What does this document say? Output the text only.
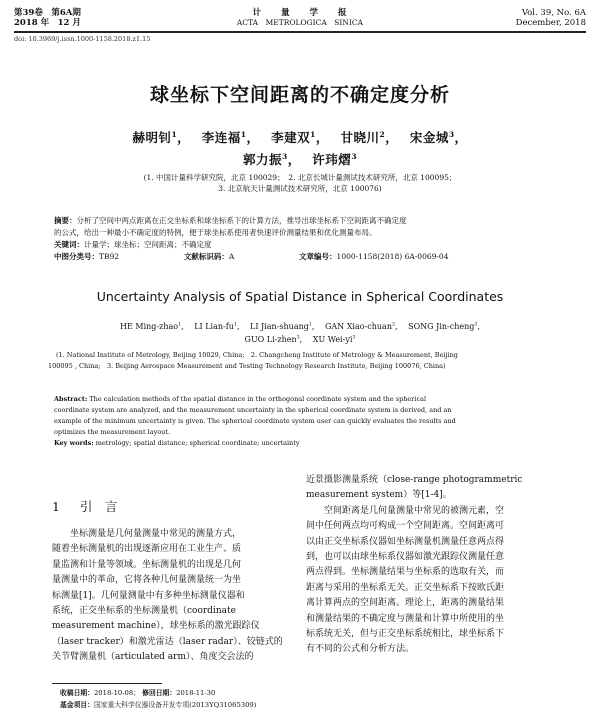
第39卷　第6A期
2018 年　12 月
计　　量　　学　　报
ACTA　METROLOGICA　SINICA
Vol. 39, No. 6A
December, 2018
doi: 10.3969/j.issn.1000-1158.2018.z1.15
球坐标下空间距离的不确定度分析
赫明钊$^1$，　 李连福$^1$，　 李建双$^1$，　 甘晓川$^2$，　 宋金城$^3$，
郭力振$^3$，　 许玮熠$^3$
(1. 中国计量科学研究院，北京 100029；　2. 北京长城计量测试技术研究所，北京 100095；
3. 北京航天计量测试技术研究所，北京 100076)
摘要：分析了空间中两点距离在正交坐标系和球坐标系下的计算方法，推导出球坐标系下空间距离不确定度
的公式，给出一种最小不确定度的特例，便于球坐标系使用者快速评价测量结果和优化测量布局。
关键词：计量学；球坐标；空间距离；不确定度
中图分类号：TB92	文献标识码：A	文章编号：1000-1158(2018) 6A-0069-04
Uncertainty Analysis of Spatial Distance in Spherical Coordinates
HE Ming-zhao$^1$,　 LI Lian-$fu^1$,　 LI Jian-shuang$^1$,　 GAN Xiao-chuan$^2$,　 SONG Jin-cheng$^3$,
GUO Li-zhen$^3$,　 XU Wei-$yi^3$
(1. National Institute of Metrology, Beijing 10029, China;　2. Changcheng Institute of Metrology & Measurement, Beijing
100095 , China;　3. Beijing Aerospace Measurement and Testing Technology Research Institute, Beijing 100076, China)
Abstract: The calculation methods of the spatial distance in the orthogonal coordinate system and the spherical
coordinate system are analyzed, and the measurement uncertainty in the spherical coordinate system is derived, and an
example of the minimum uncertainty is given. The spherical coordinate system user can quickly evaluates the results and
optimizes the measurement layout.
Key words: metrology; spatial distance; spherical coordinate; uncertainty
1 引　言
　　坐标测量是几何量测量中常见的测量方式，
随着坐标测量机的出现逐渐应用在工业生产、质
量监测和计量等领域。坐标测量机的出现是几何
量测量中的革命，它将各种几何量测量统一为坐
标测量[1]。几何量测量中有多种坐标测量仪器和
系统，正交坐标系的坐标测量机（coordinate
measurement machine），球坐标系的激光跟踪仪
（laser tracker）和激光雷达（laser radar）、铰链式的
关节臂测量机（articulated arm）、角度交会法的
近景摄影测量系统（close-range photogrammetric
measurement system）等[1-4]。
　　空间距离是几何量测量中常见的被测元素，空
间中任何两点均可构成一个空间距离。空间距离可
以由正交坐标系仪器如坐标测量机测量任意两点得
到，也可以由球坐标系仪器如激光跟踪仪测量任意
两点得到。坐标测量结果与坐标系的选取有关，而
距离与采用的坐标系无关。正交坐标系下按欧氏距
离计算两点的空间距离。理论上，距离的测量结果
和测量结果的不确定度与测量和计算中所使用的坐
标系统无关，但与正交坐标系统相比，球坐标系下
有不同的公式和分析方法。
收稿日期：2018-10-08； 修回日期：2018-11-30
基金项目：国家重大科学仪器设备开发专项(2013YQ31065309)
